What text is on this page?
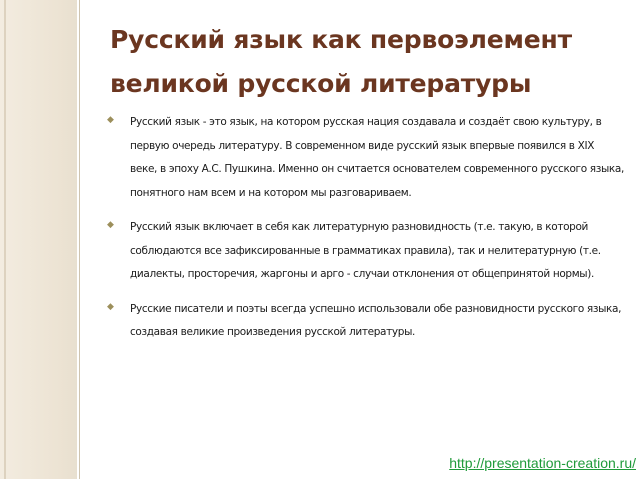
Русский язык как первоэлемент великой русской литературы
◆ Русский язык - это язык, на котором русская нация создавала и создаёт свою культуру, в первую очередь литературу. В современном виде русский язык впервые появился в XIX веке, в эпоху А.С. Пушкина. Именно он считается основателем современного русского языка, понятного нам всем и на котором мы разговариваем.
◆ Русский язык включает в себя как литературную разновидность (т.е. такую, в которой соблюдаются все зафиксированные в грамматиках правила), так и нелитературную (т.е. диалекты, просторечия, жаргоны и арго - случаи отклонения от общепринятой нормы).
◆ Русские писатели и поэты всегда успешно использовали обе разновидности русского языка, создавая великие произведения русской литературы.
http://presentation-creation.ru/
